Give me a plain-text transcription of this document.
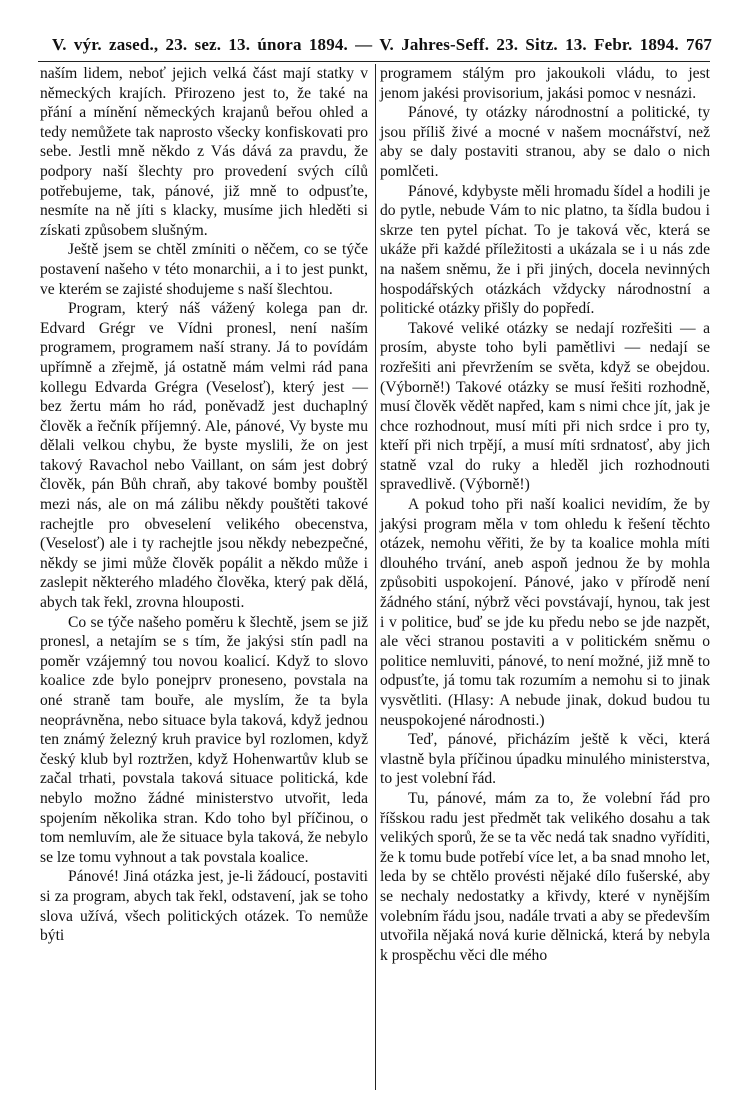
V. výr. zased., 23. sez. 13. února 1894. — V. Jahres-Seff. 23. Sitz. 13. Febr. 1894. 767

naším lidem, neboť jejich velká část mají statky v německých krajích. Přirozeno jest to, že také na přání a mínění německých krajanů beřou ohled a tedy nemůžete tak naprosto všecky konfiskovati pro sebe. Jestli mně někdo z Vás dává za pravdu, že podpory naší šlechty pro provedení svých cílů potřebujeme, tak, pánové, již mně to odpusťte, nesmíte na ně jíti s klacky, musíme jich hleděti si získati způsobem slušným.

Ještě jsem se chtěl zmíniti o něčem, co se týče postavení našeho v této monarchii, a i to jest punkt, ve kterém se zajisté shodujeme s naší šlechtou.

Program, který náš vážený kolega pan dr. Edvard Grégr ve Vídni pronesl, není naším programem, programem naší strany. Já to povídám upřímně a zřejmě, já ostatně mám velmi rád pana kollegu Edvarda Grégra (Veselosť), který jest — bez žertu mám ho rád, poněvadž jest duchaplný člověk a řečník příjemný. Ale, pánové, Vy byste mu dělali velkou chybu, že byste myslili, že on jest takový Ravachol nebo Vaillant, on sám jest dobrý člověk, pán Bůh chraň, aby takové bomby pouštěl mezi nás, ale on má zálibu někdy pouštěti takové rachejtle pro obveselení velikého obecenstva, (Veselosť) ale i ty rachejtle jsou někdy nebezpečné, někdy se jimi může člověk popálit a někdo může i zaslepit některého mladého člověka, který pak dělá, abych tak řekl, zrovna hlouposti.

Co se týče našeho poměru k šlechtě, jsem se již pronesl, a netajím se s tím, že jakýsi stín padl na poměr vzájemný tou novou koalicí. Když to slovo koalice zde bylo ponejprv proneseno, povstala na oné straně tam bouře, ale myslím, že ta byla neoprávněna, nebo situace byla taková, když jednou ten známý železný kruh pravice byl rozlomen, když český klub byl roztržen, když Hohenwartův klub se začal trhati, povstala taková situace politická, kde nebylo možno žádné ministerstvo utvořit, leda spojením několika stran. Kdo toho byl příčinou, o tom nemluvím, ale že situace byla taková, že nebylo se lze tomu vyhnout a tak povstala koalice.

Pánové! Jiná otázka jest, je-li žádoucí, postaviti si za program, abych tak řekl, odstavení, jak se toho slova užívá, všech politických otázek. To nemůže býti

programem stálým pro jakoukoli vládu, to jest jenom jakési provisorium, jakási pomoc v nesnázi.

Pánové, ty otázky národnostní a politické, ty jsou příliš živé a mocné v našem mocnářství, než aby se daly postaviti stranou, aby se dalo o nich pomlčeti.

Pánové, kdybyste měli hromadu šídel a hodili je do pytle, nebude Vám to nic platno, ta šídla budou i skrze ten pytel píchat. To je taková věc, která se ukáže při každé příležitosti a ukázala se i u nás zde na našem sněmu, že i při jiných, docela nevinných hospodářských otázkách vždycky národnostní a politické otázky přišly do popředí.

Takové veliké otázky se nedají rozřešiti — a prosím, abyste toho byli pamětlivi — nedají se rozřešiti ani převržením se světa, když se obejdou. (Výborně!) Takové otázky se musí řešiti rozhodně, musí člověk vědět napřed, kam s nimi chce jít, jak je chce rozhodnout, musí míti při nich srdce i pro ty, kteří při nich trpějí, a musí míti srdnatosť, aby jich statně vzal do ruky a hleděl jich rozhodnouti spravedlivě. (Výborně!)

A pokud toho při naší koalici nevidím, že by jakýsi program měla v tom ohledu k řešení těchto otázek, nemohu věřiti, že by ta koalice mohla míti dlouhého trvání, aneb aspoň jednou že by mohla způsobiti uspokojení. Pánové, jako v přírodě není žádného stání, nýbrž věci povstávají, hynou, tak jest i v politice, buď se jde ku předu nebo se jde nazpět, ale věci stranou postaviti a v politickém sněmu o politice nemluviti, pánové, to není možné, již mně to odpusťte, já tomu tak rozumím a nemohu si to jinak vysvětliti. (Hlasy: A nebude jinak, dokud budou tu neuspokojené národnosti.)

Teď, pánové, přicházím ještě k věci, která vlastně byla příčinou úpadku minulého ministerstva, to jest volební řád.

Tu, pánové, mám za to, že volební řád pro říšskou radu jest předmět tak velikého dosahu a tak velikých sporů, že se ta věc nedá tak snadno vyříditi, že k tomu bude potřebí více let, a ba snad mnoho let, leda by se chtělo provésti nějaké dílo fušerské, aby se nechaly nedostatky a křivdy, které v nynějším volebním řádu jsou, nadále trvati a aby se především utvořila nějaká nová kurie dělnická, která by nebyla k prospěchu věci dle mého
